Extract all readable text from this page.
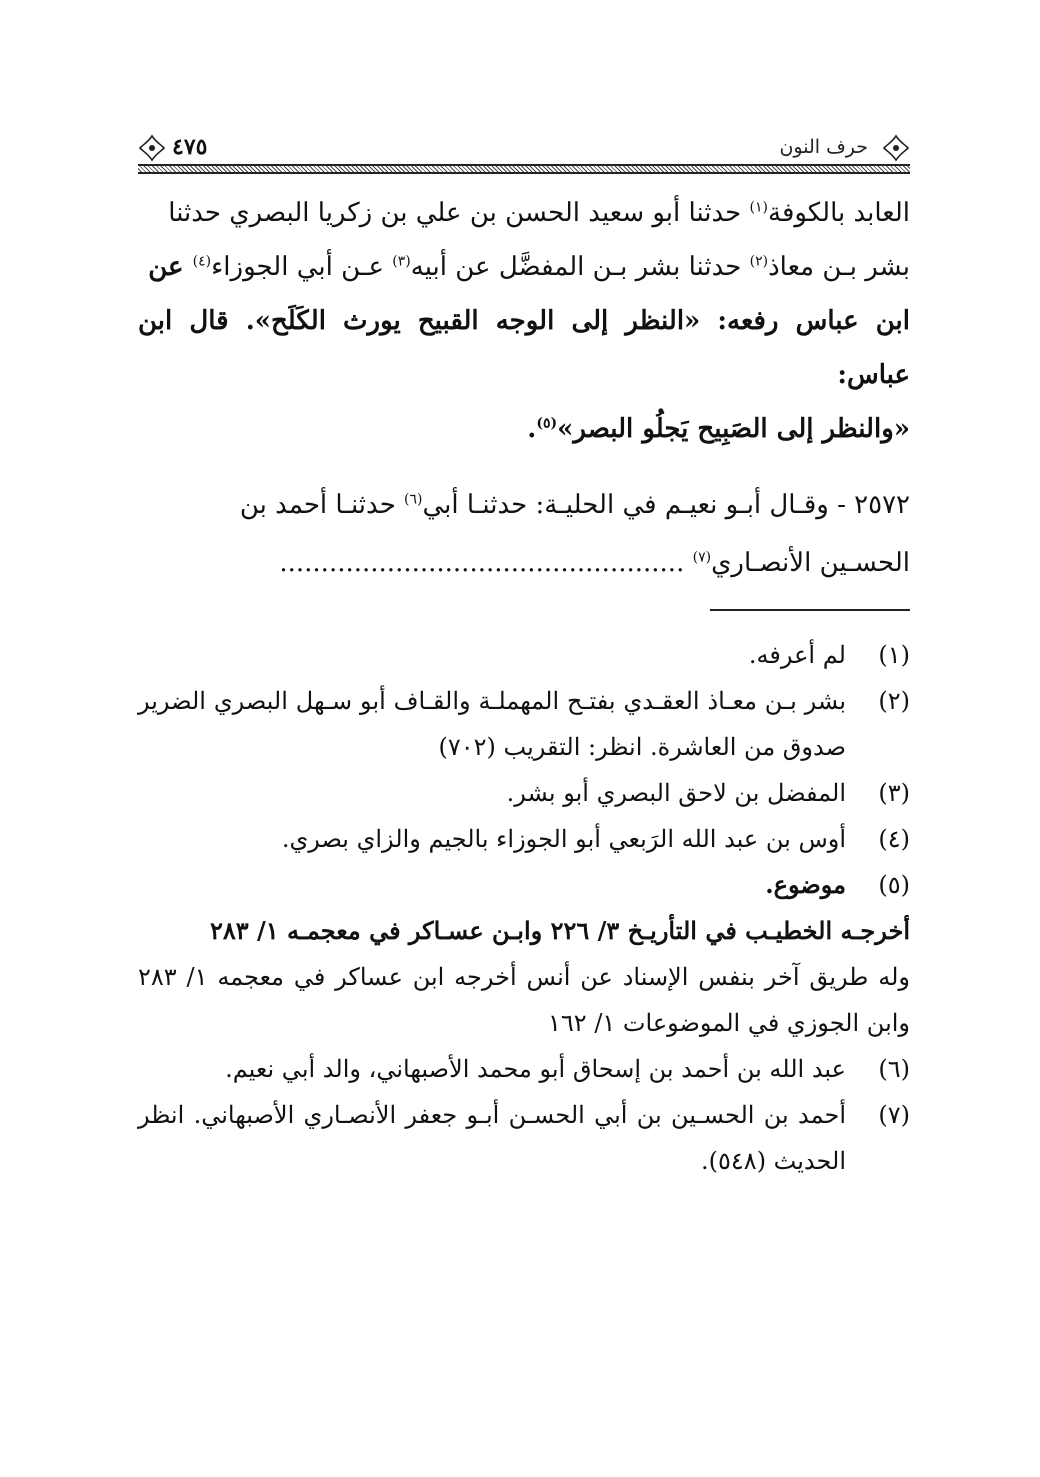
حرف النون
٤٧٥

العابد بالكوفة$^{(١)}$ حدثنا أبو سعيد الحسن بن علي بن زكريا البصري حدثنا

بشر بـن معاذ$^{(٢)}$ حدثنا بشر بـن المفضَّل عن أبيه$^{(٣)}$ عـن أبي الجوزاء$^{(٤)}$ عن

ابن عباس رفعه: «النظر إلى الوجه القبيح يورث الكَلَح». قال ابن عباس:

«والنظر إلى الصَبِيح يَجلُو البصر»$^{(٥)}$.

٢٥٧٢ - وقـال أبـو نعيـم في الحليـة: حدثنـا أبي$^{(٦)}$ حدثنـا أحمد بن

الحسـين الأنصـاري$^{(٧)}$ .................................................

(١)

لم أعرفه.

(٢)

بشر بـن معـاذ العقـدي بفتـح المهملـة والقـاف أبو سـهل البصري الضرير صدوق من العاشرة. انظر: التقريب (٧٠٢)

(٣)

المفضل بن لاحق البصري أبو بشر.

(٤)

أوس بن عبد الله الرَبعي أبو الجوزاء بالجيم والزاي بصري.

(٥)

موضوع.

أخرجـه الخطيـب في التأريـخ ٣/ ٢٢٦ وابـن عسـاكر في معجمـه ١/ ٢٨٣

وله طريق آخر بنفس الإسناد عن أنس أخرجه ابن عساكر في معجمه ١/ ٢٨٣ وابن الجوزي في الموضوعات ١/ ١٦٢

(٦)

عبد الله بن أحمد بن إسحاق أبو محمد الأصبهاني، والد أبي نعيم.

(٧)

أحمد بن الحسـين بن أبي الحسـن أبـو جعفر الأنصـاري الأصبهاني. انظر الحديث (٥٤٨).
